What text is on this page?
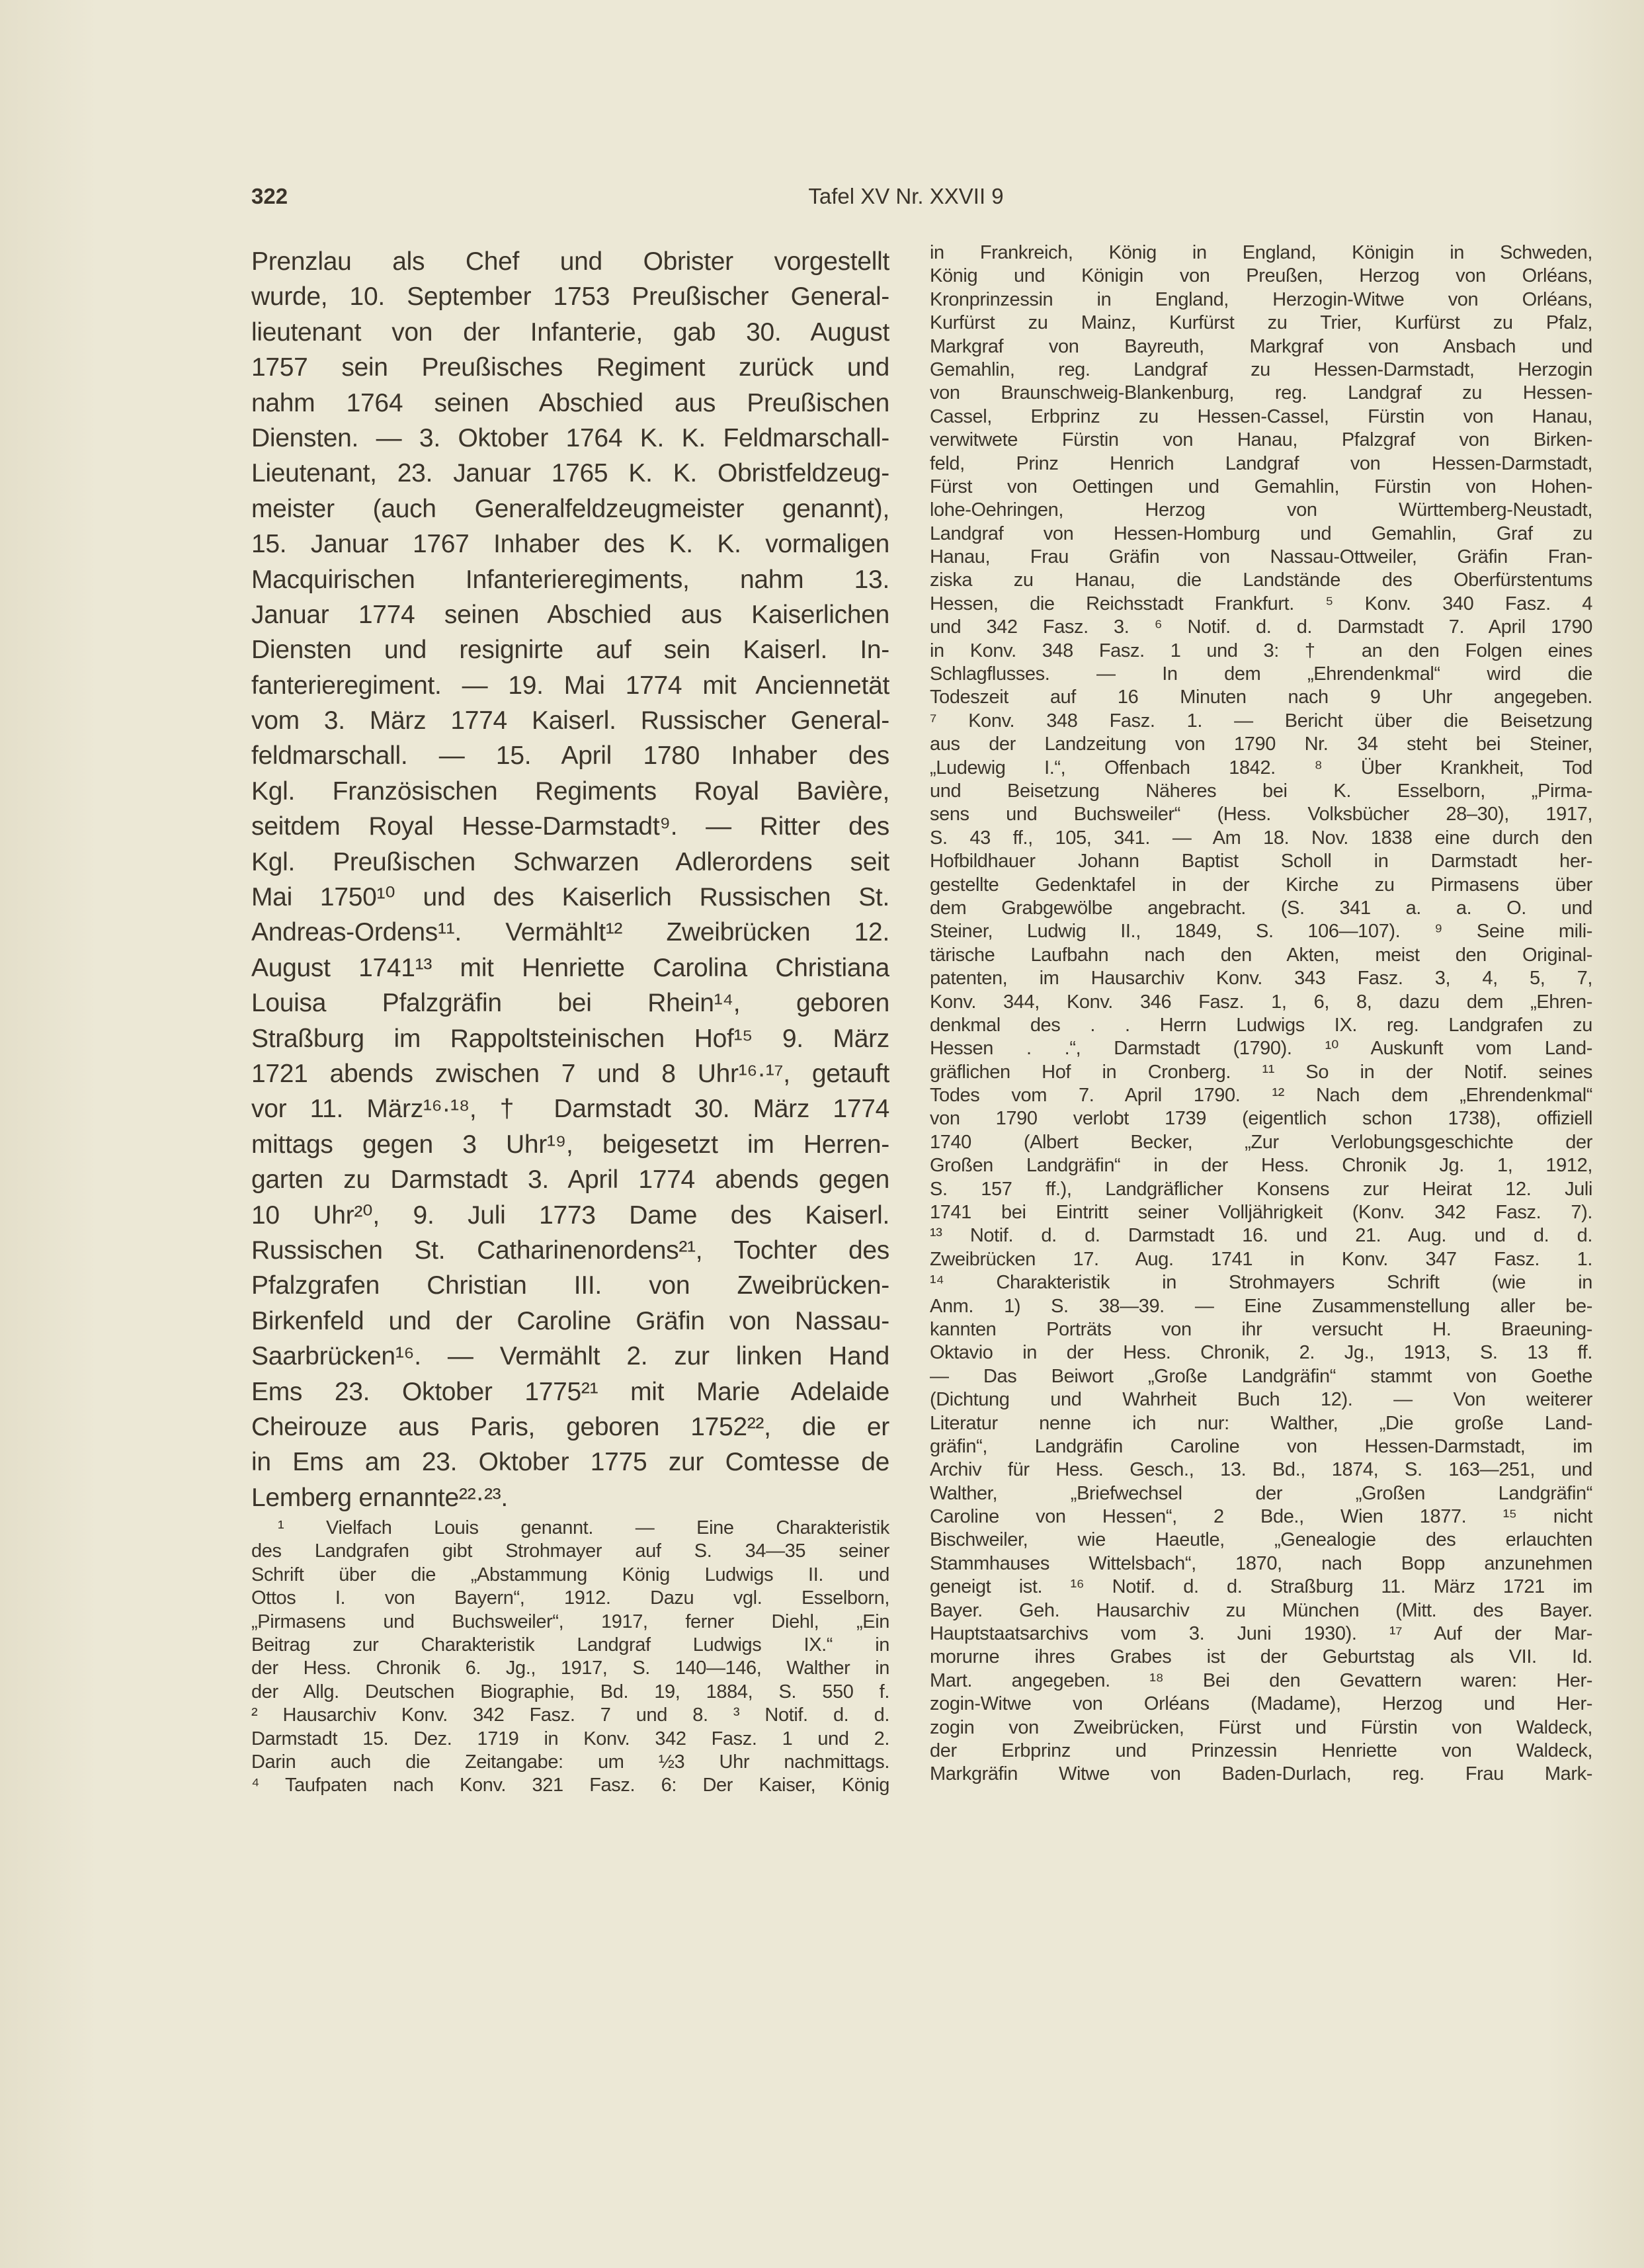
322	Tafel XV Nr. XXVII 9
Prenzlau als Chef und Obrister vorgestellt
wurde, 10. September 1753 Preußischer General-
lieutenant von der Infanterie, gab 30. August
1757 sein Preußisches Regiment zurück und
nahm 1764 seinen Abschied aus Preußischen
Diensten. — 3. Oktober 1764 K. K. Feldmarschall-
Lieutenant, 23. Januar 1765 K. K. Obristfeldzeug-
meister (auch Generalfeldzeugmeister genannt),
15. Januar 1767 Inhaber des K. K. vormaligen
Macquirischen Infanterieregiments, nahm 13.
Januar 1774 seinen Abschied aus Kaiserlichen
Diensten und resignirte auf sein Kaiserl. In-
fanterieregiment. — 19. Mai 1774 mit Anciennetät
vom 3. März 1774 Kaiserl. Russischer General-
feldmarschall. — 15. April 1780 Inhaber des
Kgl. Französischen Regiments Royal Bavière,
seitdem Royal Hesse-Darmstadt⁹. — Ritter des
Kgl. Preußischen Schwarzen Adlerordens seit
Mai 1750¹⁰ und des Kaiserlich Russischen St.
Andreas-Ordens¹¹. Vermählt¹² Zweibrücken 12.
August 1741¹³ mit Henriette Carolina Christiana
Louisa Pfalzgräfin bei Rhein¹⁴, geboren
Straßburg im Rappoltsteinischen Hof¹⁵ 9. März
1721 abends zwischen 7 und 8 Uhr¹⁶·¹⁷, getauft
vor 11. März¹⁶·¹⁸, † Darmstadt 30. März 1774
mittags gegen 3 Uhr¹⁹, beigesetzt im Herren-
garten zu Darmstadt 3. April 1774 abends gegen
10 Uhr²⁰, 9. Juli 1773 Dame des Kaiserl.
Russischen St. Catharinenordens²¹, Tochter des
Pfalzgrafen Christian III. von Zweibrücken-
Birkenfeld und der Caroline Gräfin von Nassau-
Saarbrücken¹⁶. — Vermählt 2. zur linken Hand
Ems 23. Oktober 1775²¹ mit Marie Adelaide
Cheirouze aus Paris, geboren 1752²², die er
in Ems am 23. Oktober 1775 zur Comtesse de
Lemberg ernannte²²·²³.
¹ Vielfach Louis genannt. — Eine Charakteristik
des Landgrafen gibt Strohmayer auf S. 34—35 seiner
Schrift über die „Abstammung König Ludwigs II. und
Ottos I. von Bayern“, 1912. Dazu vgl. Esselborn,
„Pirmasens und Buchsweiler“, 1917, ferner Diehl, „Ein
Beitrag zur Charakteristik Landgraf Ludwigs IX.“ in
der Hess. Chronik 6. Jg., 1917, S. 140—146, Walther in
der Allg. Deutschen Biographie, Bd. 19, 1884, S. 550 f.
² Hausarchiv Konv. 342 Fasz. 7 und 8. ³ Notif. d. d.
Darmstadt 15. Dez. 1719 in Konv. 342 Fasz. 1 und 2.
Darin auch die Zeitangabe: um ½3 Uhr nachmittags.
⁴ Taufpaten nach Konv. 321 Fasz. 6: Der Kaiser, König
in Frankreich, König in England, Königin in Schweden,
König und Königin von Preußen, Herzog von Orléans,
Kronprinzessin in England, Herzogin-Witwe von Orléans,
Kurfürst zu Mainz, Kurfürst zu Trier, Kurfürst zu Pfalz,
Markgraf von Bayreuth, Markgraf von Ansbach und
Gemahlin, reg. Landgraf zu Hessen-Darmstadt, Herzogin
von Braunschweig-Blankenburg, reg. Landgraf zu Hessen-
Cassel, Erbprinz zu Hessen-Cassel, Fürstin von Hanau,
verwitwete Fürstin von Hanau, Pfalzgraf von Birken-
feld, Prinz Henrich Landgraf von Hessen-Darmstadt,
Fürst von Oettingen und Gemahlin, Fürstin von Hohen-
lohe-Oehringen, Herzog von Württemberg-Neustadt,
Landgraf von Hessen-Homburg und Gemahlin, Graf zu
Hanau, Frau Gräfin von Nassau-Ottweiler, Gräfin Fran-
ziska zu Hanau, die Landstände des Oberfürstentums
Hessen, die Reichsstadt Frankfurt. ⁵ Konv. 340 Fasz. 4
und 342 Fasz. 3. ⁶ Notif. d. d. Darmstadt 7. April 1790
in Konv. 348 Fasz. 1 und 3: † an den Folgen eines
Schlagflusses. — In dem „Ehrendenkmal“ wird die
Todeszeit auf 16 Minuten nach 9 Uhr angegeben.
⁷ Konv. 348 Fasz. 1. — Bericht über die Beisetzung
aus der Landzeitung von 1790 Nr. 34 steht bei Steiner,
„Ludewig I.“, Offenbach 1842. ⁸ Über Krankheit, Tod
und Beisetzung Näheres bei K. Esselborn, „Pirma-
sens und Buchsweiler“ (Hess. Volksbücher 28–30), 1917,
S. 43 ff., 105, 341. — Am 18. Nov. 1838 eine durch den
Hofbildhauer Johann Baptist Scholl in Darmstadt her-
gestellte Gedenktafel in der Kirche zu Pirmasens über
dem Grabgewölbe angebracht. (S. 341 a. a. O. und
Steiner, Ludwig II., 1849, S. 106—107). ⁹ Seine mili-
tärische Laufbahn nach den Akten, meist den Original-
patenten, im Hausarchiv Konv. 343 Fasz. 3, 4, 5, 7,
Konv. 344, Konv. 346 Fasz. 1, 6, 8, dazu dem „Ehren-
denkmal des . . Herrn Ludwigs IX. reg. Landgrafen zu
Hessen . .“, Darmstadt (1790). ¹⁰ Auskunft vom Land-
gräflichen Hof in Cronberg. ¹¹ So in der Notif. seines
Todes vom 7. April 1790. ¹² Nach dem „Ehrendenkmal“
von 1790 verlobt 1739 (eigentlich schon 1738), offiziell
1740 (Albert Becker, „Zur Verlobungsgeschichte der
Großen Landgräfin“ in der Hess. Chronik Jg. 1, 1912,
S. 157 ff.), Landgräflicher Konsens zur Heirat 12. Juli
1741 bei Eintritt seiner Volljährigkeit (Konv. 342 Fasz. 7).
¹³ Notif. d. d. Darmstadt 16. und 21. Aug. und d. d.
Zweibrücken 17. Aug. 1741 in Konv. 347 Fasz. 1.
¹⁴ Charakteristik in Strohmayers Schrift (wie in
Anm. 1) S. 38—39. — Eine Zusammenstellung aller be-
kannten Porträts von ihr versucht H. Braeuning-
Oktavio in der Hess. Chronik, 2. Jg., 1913, S. 13 ff.
— Das Beiwort „Große Landgräfin“ stammt von Goethe
(Dichtung und Wahrheit Buch 12). — Von weiterer
Literatur nenne ich nur: Walther, „Die große Land-
gräfin“, Landgräfin Caroline von Hessen-Darmstadt, im
Archiv für Hess. Gesch., 13. Bd., 1874, S. 163—251, und
Walther, „Briefwechsel der „Großen Landgräfin“
Caroline von Hessen“, 2 Bde., Wien 1877. ¹⁵ nicht
Bischweiler, wie Haeutle, „Genealogie des erlauchten
Stammhauses Wittelsbach“, 1870, nach Bopp anzunehmen
geneigt ist. ¹⁶ Notif. d. d. Straßburg 11. März 1721 im
Bayer. Geh. Hausarchiv zu München (Mitt. des Bayer.
Hauptstaatsarchivs vom 3. Juni 1930). ¹⁷ Auf der Mar-
morurne ihres Grabes ist der Geburtstag als VII. Id.
Mart. angegeben. ¹⁸ Bei den Gevattern waren: Her-
zogin-Witwe von Orléans (Madame), Herzog und Her-
zogin von Zweibrücken, Fürst und Fürstin von Waldeck,
der Erbprinz und Prinzessin Henriette von Waldeck,
Markgräfin Witwe von Baden-Durlach, reg. Frau Mark-
